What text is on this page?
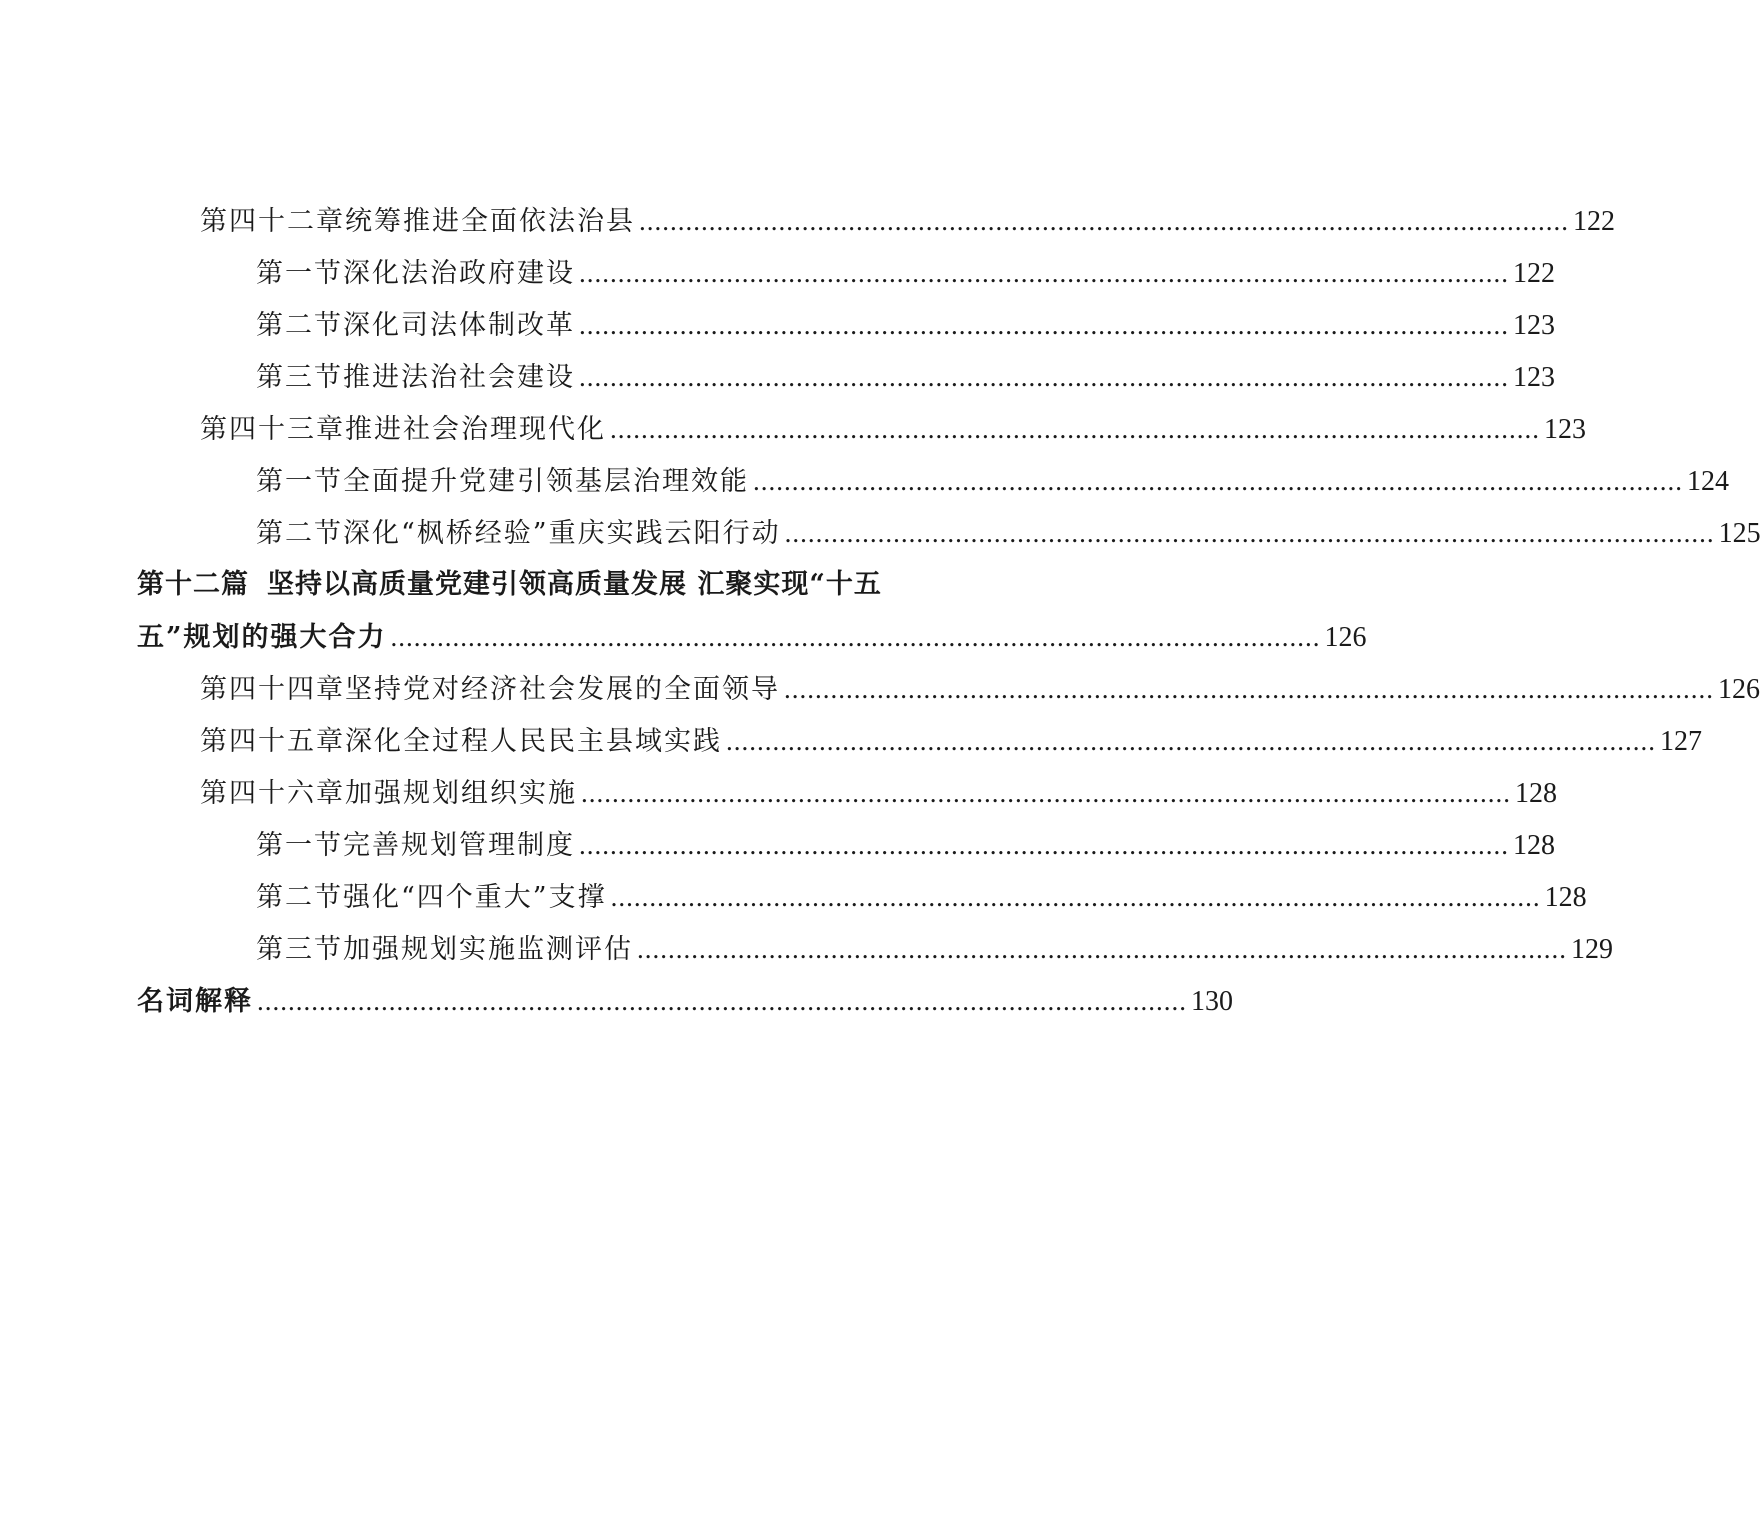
第四十二章 统筹推进全面依法治县 ........................................................................................................................ 122
第一节 深化法治政府建设 ........................................................................................................................ 122
第二节 深化司法体制改革 ........................................................................................................................ 123
第三节 推进法治社会建设 ........................................................................................................................ 123
第四十三章 推进社会治理现代化 ........................................................................................................................ 123
第一节 全面提升党建引领基层治理效能 ........................................................................................................................ 124
第二节 深化“枫桥经验”重庆实践云阳行动 ........................................................................................................................ 125
第十二篇 坚持以高质量党建引领高质量发展 汇聚实现“十五
五”规划的强大合力 ........................................................................................................................ 126
第四十四章 坚持党对经济社会发展的全面领导 ........................................................................................................................ 126
第四十五章 深化全过程人民民主县域实践 ........................................................................................................................ 127
第四十六章 加强规划组织实施 ........................................................................................................................ 128
第一节 完善规划管理制度 ........................................................................................................................ 128
第二节 强化“四个重大”支撑 ........................................................................................................................ 128
第三节 加强规划实施监测评估 ........................................................................................................................ 129
名词解释 ........................................................................................................................ 130
